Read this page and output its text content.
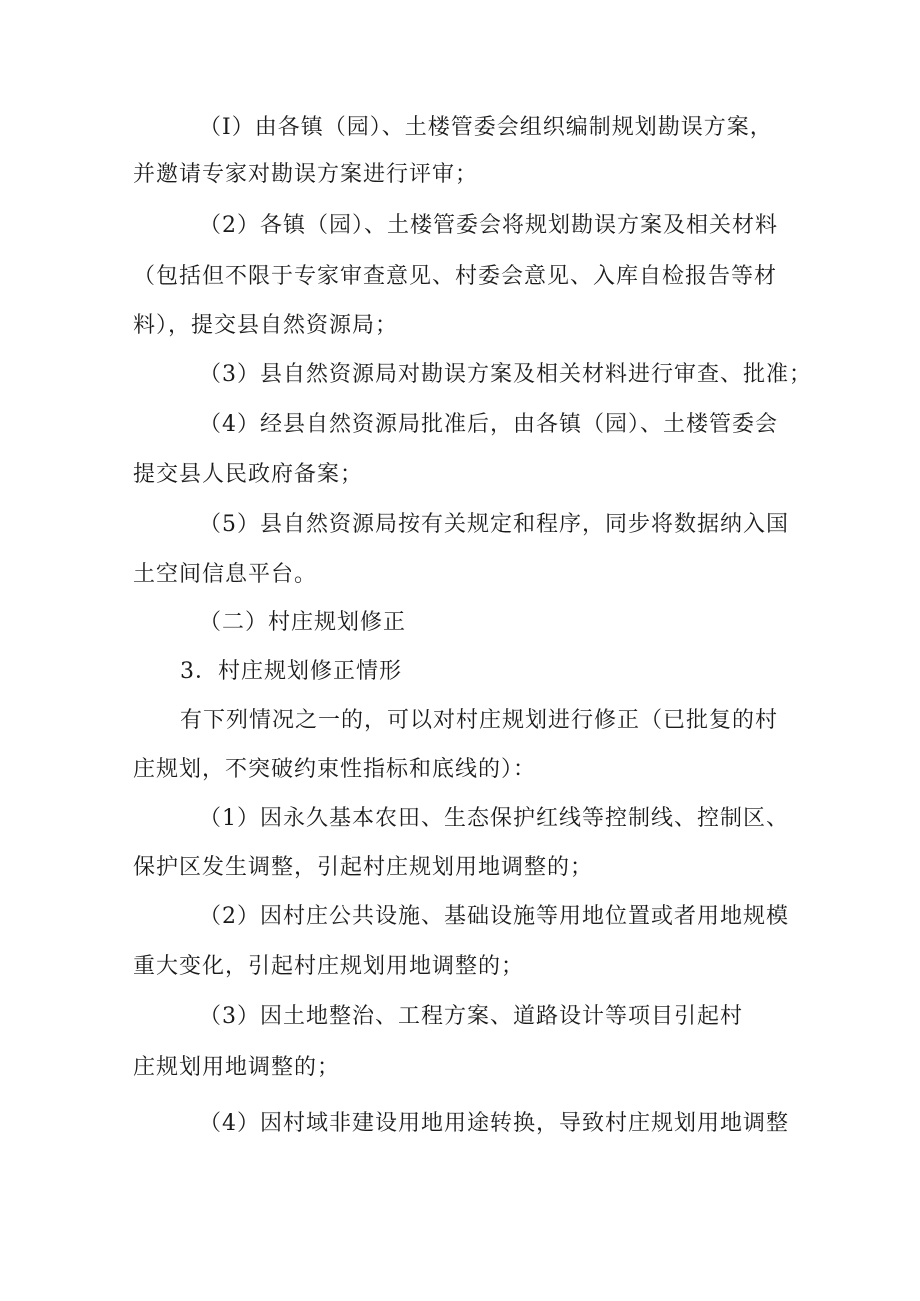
（I）由各镇（园）、土楼管委会组织编制规划勘误方案，
并邀请专家对勘误方案进行评审；
（2）各镇（园）、土楼管委会将规划勘误方案及相关材料
（包括但不限于专家审查意见、村委会意见、入库自检报告等材
料），提交县自然资源局；
（3）县自然资源局对勘误方案及相关材料进行审查、批准；
（4）经县自然资源局批准后，由各镇（园）、土楼管委会
提交县人民政府备案；
（5）县自然资源局按有关规定和程序，同步将数据纳入国
土空间信息平台。
（二）村庄规划修正
3．村庄规划修正情形
有下列情况之一的，可以对村庄规划进行修正（已批复的村
庄规划，不突破约束性指标和底线的）：
（1）因永久基本农田、生态保护红线等控制线、控制区、
保护区发生调整，引起村庄规划用地调整的；
（2）因村庄公共设施、基础设施等用地位置或者用地规模
重大变化，引起村庄规划用地调整的；
（3）因土地整治、工程方案、道路设计等项目引起村
庄规划用地调整的；
（4）因村域非建设用地用途转换，导致村庄规划用地调整
